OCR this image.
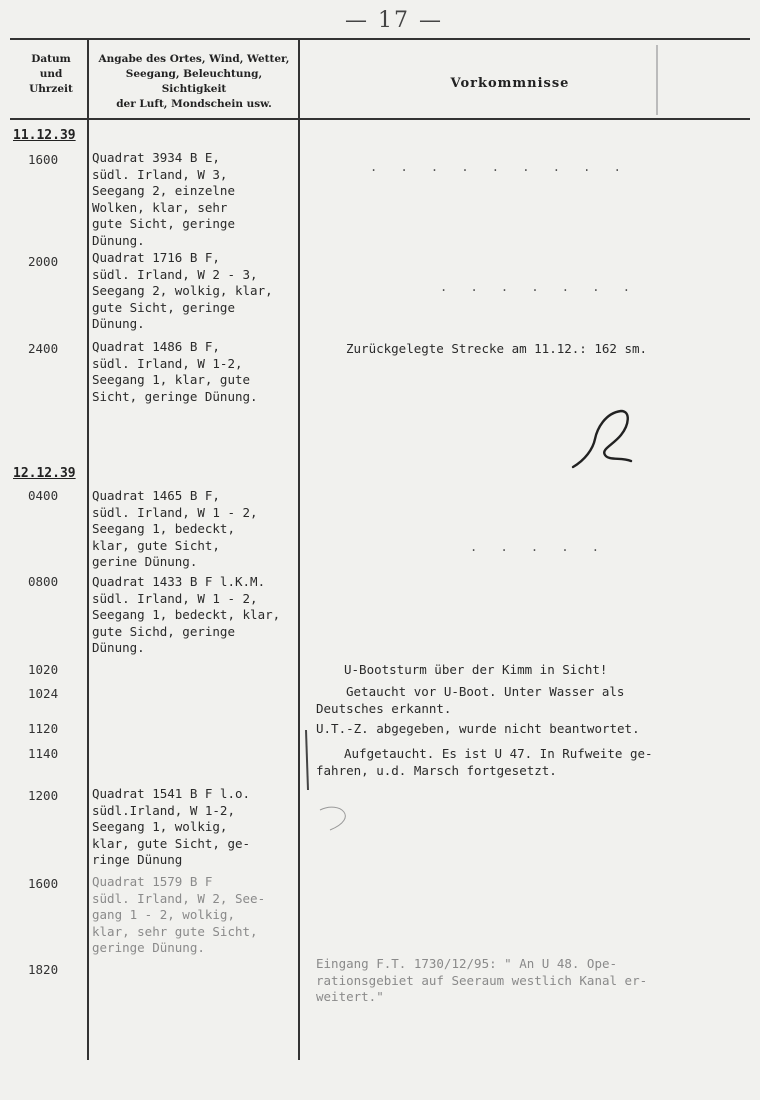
— 17 —
Datum
und
Uhrzeit
Angabe des Ortes, Wind, Wetter,
Seegang, Beleuchtung, Sichtigkeit
der Luft, Mondschein usw.
Vorkommnisse
11.12.39
12.12.39
1600
2000
2400
0400
0800
1020
1024
1120
1140
1200
1600
1820
Quadrat 3934 B E,
südl. Irland, W 3,
Seegang 2, einzelne
Wolken, klar, sehr
gute Sicht, geringe
Dünung.
Quadrat 1716 B F,
südl. Irland, W 2 - 3,
Seegang 2, wolkig, klar,
gute Sicht, geringe
Dünung.
Quadrat 1486 B F,
südl. Irland, W 1-2,
Seegang 1, klar, gute
Sicht, geringe Dünung.
Quadrat 1465 B F,
südl. Irland, W 1 - 2,
Seegang 1, bedeckt,
klar, gute Sicht,
gerine Dünung.
Quadrat 1433 B F l.K.M.
südl. Irland, W 1 - 2,
Seegang 1, bedeckt, klar,
gute Sichd, geringe
Dünung.
Quadrat 1541 B F l.o.
südl.Irland, W 1-2,
Seegang 1, wolkig,
klar, gute Sicht, ge-
ringe Dünung
Quadrat 1579 B F
südl. Irland, W 2, See-
gang 1 - 2, wolkig,
klar, sehr gute Sicht,
geringe Dünung.
. . . . . . . . .
. . . . . . .
. . . . .
Zurückgelegte Strecke am 11.12.: 162 sm.
U-Bootsturm über der Kimm in Sicht!
Getaucht vor U-Boot. Unter Wasser als
Deutsches erkannt.
U.T.-Z. abgegeben, wurde nicht beantwortet.
Aufgetaucht. Es ist U 47. In Rufweite ge-
fahren, u.d. Marsch fortgesetzt.
Eingang F.T. 1730/12/95: " An U 48. Ope-
rationsgebiet auf Seeraum westlich Kanal er-
weitert."
